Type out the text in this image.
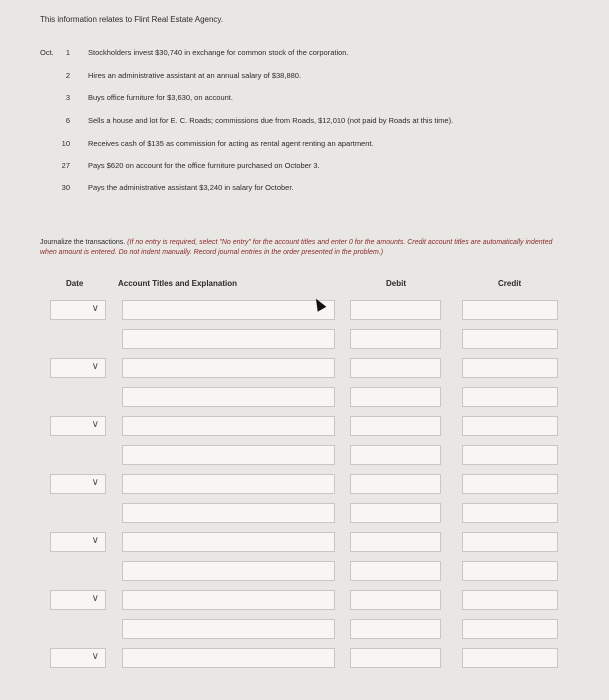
This information relates to Flint Real Estate Agency.
Oct.	1	Stockholders invest $30,740 in exchange for common stock of the corporation.
2	Hires an administrative assistant at an annual salary of $38,880.
3	Buys office furniture for $3,630, on account.
6	Sells a house and lot for E. C. Roads; commissions due from Roads, $12,010 (not paid by Roads at this time).
10	Receives cash of $135 as commission for acting as rental agent renting an apartment.
27	Pays $620 on account for the office furniture purchased on October 3.
30	Pays the administrative assistant $3,240 in salary for October.
Journalize the transactions. (If no entry is required, select "No entry" for the account titles and enter 0 for the amounts. Credit account titles are automatically indented when amount is entered. Do not indent manually. Record journal entries in the order presented in the problem.)
Date	Account Titles and Explanation	Debit	Credit
∨
∨
∨
∨
∨
∨
∨
